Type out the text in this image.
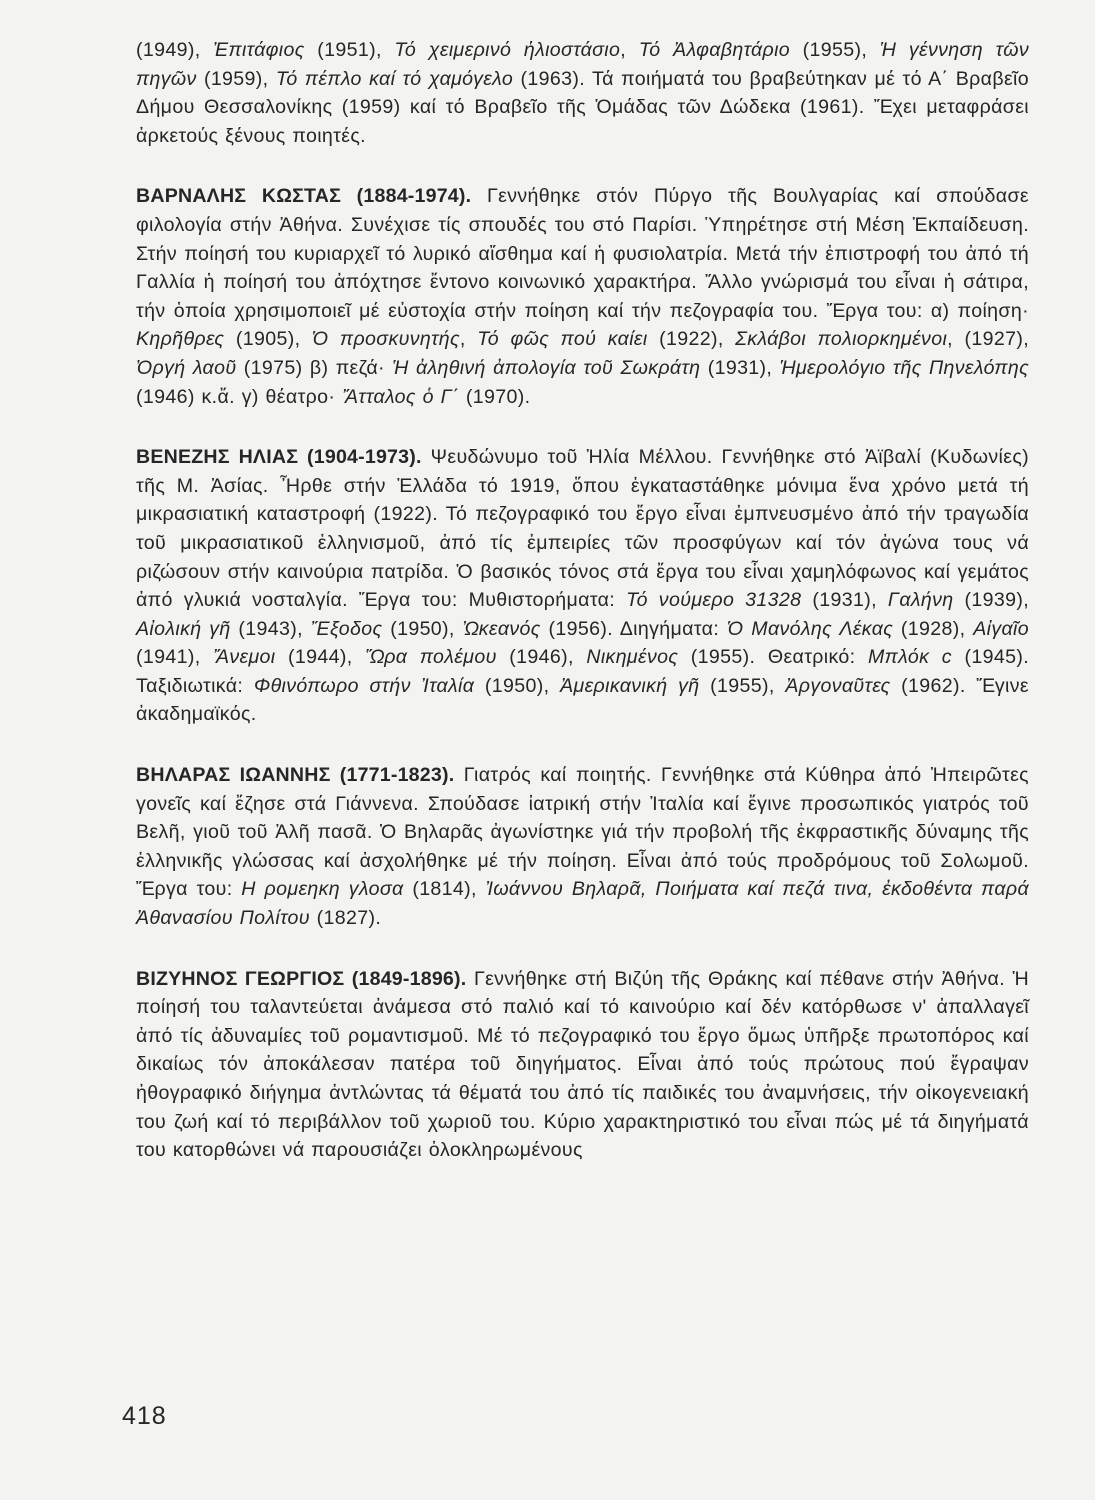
(1949), Ἐπιτάφιος (1951), Τό χειμερινό ἡλιοστάσιο, Τό Ἀλφαβητάριο (1955), Ἡ γέννηση τῶν πηγῶν (1959), Τό πέπλο καί τό χαμόγελο (1963). Τά ποιήματά του βραβεύτηκαν μέ τό Α΄ Βραβεῖο Δήμου Θεσσαλονίκης (1959) καί τό Βραβεῖο τῆς Ὁμάδας τῶν Δώδεκα (1961). Ἔχει μεταφράσει ἀρκετούς ξένους ποιητές.

ΒΑΡΝΑΛΗΣ ΚΩΣΤΑΣ (1884-1974). Γεννήθηκε στόν Πύργο τῆς Βουλγαρίας καί σπούδασε φιλολογία στήν Ἀθήνα. Συνέχισε τίς σπουδές του στό Παρίσι. Ὑπηρέτησε στή Μέση Ἐκπαίδευση. Στήν ποίησή του κυριαρχεῖ τό λυρικό αἴσθημα καί ἡ φυσιολατρία. Μετά τήν ἐπιστροφή του ἀπό τή Γαλλία ἡ ποίησή του ἀπόχτησε ἔντονο κοινωνικό χαρακτήρα. Ἄλλο γνώρισμά του εἶναι ἡ σάτιρα, τήν ὁποία χρησιμοποιεῖ μέ εὐστοχία στήν ποίηση καί τήν πεζογραφία του. Ἔργα του: α) ποίηση· Κηρῆθρες (1905), Ὁ προσκυνητής, Τό φῶς πού καίει (1922), Σκλάβοι πολιορκημένοι, (1927), Ὀργή λαοῦ (1975) β) πεζά· Ἡ ἀληθινή ἀπολογία τοῦ Σωκράτη (1931), Ἡμερολόγιο τῆς Πηνελόπης (1946) κ.ἄ. γ) θέατρο· Ἄτταλος ὁ Γ΄ (1970).

ΒΕΝΕΖΗΣ ΗΛΙΑΣ (1904-1973). Ψευδώνυμο τοῦ Ἠλία Μέλλου. Γεννήθηκε στό Ἀϊβαλί (Κυδωνίες) τῆς Μ. Ἀσίας. Ἦρθε στήν Ἑλλάδα τό 1919, ὅπου ἐγκαταστάθηκε μόνιμα ἕνα χρόνο μετά τή μικρασιατική καταστροφή (1922). Τό πεζογραφικό του ἔργο εἶναι ἐμπνευσμένο ἀπό τήν τραγωδία τοῦ μικρασιατικοῦ ἑλληνισμοῦ, ἀπό τίς ἐμπειρίες τῶν προσφύγων καί τόν ἀγώνα τους νά ριζώσουν στήν καινούρια πατρίδα. Ὁ βασικός τόνος στά ἔργα του εἶναι χαμηλόφωνος καί γεμάτος ἀπό γλυκιά νοσταλγία. Ἔργα του: Μυθιστορήματα: Τό νούμερο 31328 (1931), Γαλήνη (1939), Αἰολική γῆ (1943), Ἔξοδος (1950), Ὠκεανός (1956). Διηγήματα: Ὁ Μανόλης Λέκας (1928), Αἰγαῖο (1941), Ἄνεμοι (1944), Ὥρα πολέμου (1946), Νικημένος (1955). Θεατρικό: Μπλόκ c (1945). Ταξιδιωτικά: Φθινόπωρο στήν Ἰταλία (1950), Ἀμερικανική γῆ (1955), Ἀργοναῦτες (1962). Ἔγινε ἀκαδημαϊκός.

ΒΗΛΑΡΑΣ ΙΩΑΝΝΗΣ (1771-1823). Γιατρός καί ποιητής. Γεννήθηκε στά Κύθηρα ἀπό Ἠπειρῶτες γονεῖς καί ἔζησε στά Γιάννενα. Σπούδασε ἰατρική στήν Ἰταλία καί ἔγινε προσωπικός γιατρός τοῦ Βελῆ, γιοῦ τοῦ Ἀλῆ πασᾶ. Ὁ Βηλαρᾶς ἀγωνίστηκε γιά τήν προβολή τῆς ἐκφραστικῆς δύναμης τῆς ἑλληνικῆς γλώσσας καί ἀσχολήθηκε μέ τήν ποίηση. Εἶναι ἀπό τούς προδρόμους τοῦ Σολωμοῦ. Ἔργα του: Η ρομεηκη γλοσα (1814), Ἰωάννου Βηλαρᾶ, Ποιήματα καί πεζά τινα, ἐκδοθέντα παρά Ἀθανασίου Πολίτου (1827).

ΒΙΖΥΗΝΟΣ ΓΕΩΡΓΙΟΣ (1849-1896). Γεννήθηκε στή Βιζύη τῆς Θράκης καί πέθανε στήν Ἀθήνα. Ἡ ποίησή του ταλαντεύεται ἀνάμεσα στό παλιό καί τό καινούριο καί δέν κατόρθωσε ν' ἀπαλλαγεῖ ἀπό τίς ἀδυναμίες τοῦ ρομαντισμοῦ. Μέ τό πεζογραφικό του ἔργο ὅμως ὑπῆρξε πρωτοπόρος καί δικαίως τόν ἀποκάλεσαν πατέρα τοῦ διηγήματος. Εἶναι ἀπό τούς πρώτους πού ἔγραψαν ἠθογραφικό διήγημα ἀντλώντας τά θέματά του ἀπό τίς παιδικές του ἀναμνήσεις, τήν οἰκογενειακή του ζωή καί τό περιβάλλον τοῦ χωριοῦ του. Κύριο χαρακτηριστικό του εἶναι πώς μέ τά διηγήματά του κατορθώνει νά παρουσιάζει ὁλοκληρωμένους

418
